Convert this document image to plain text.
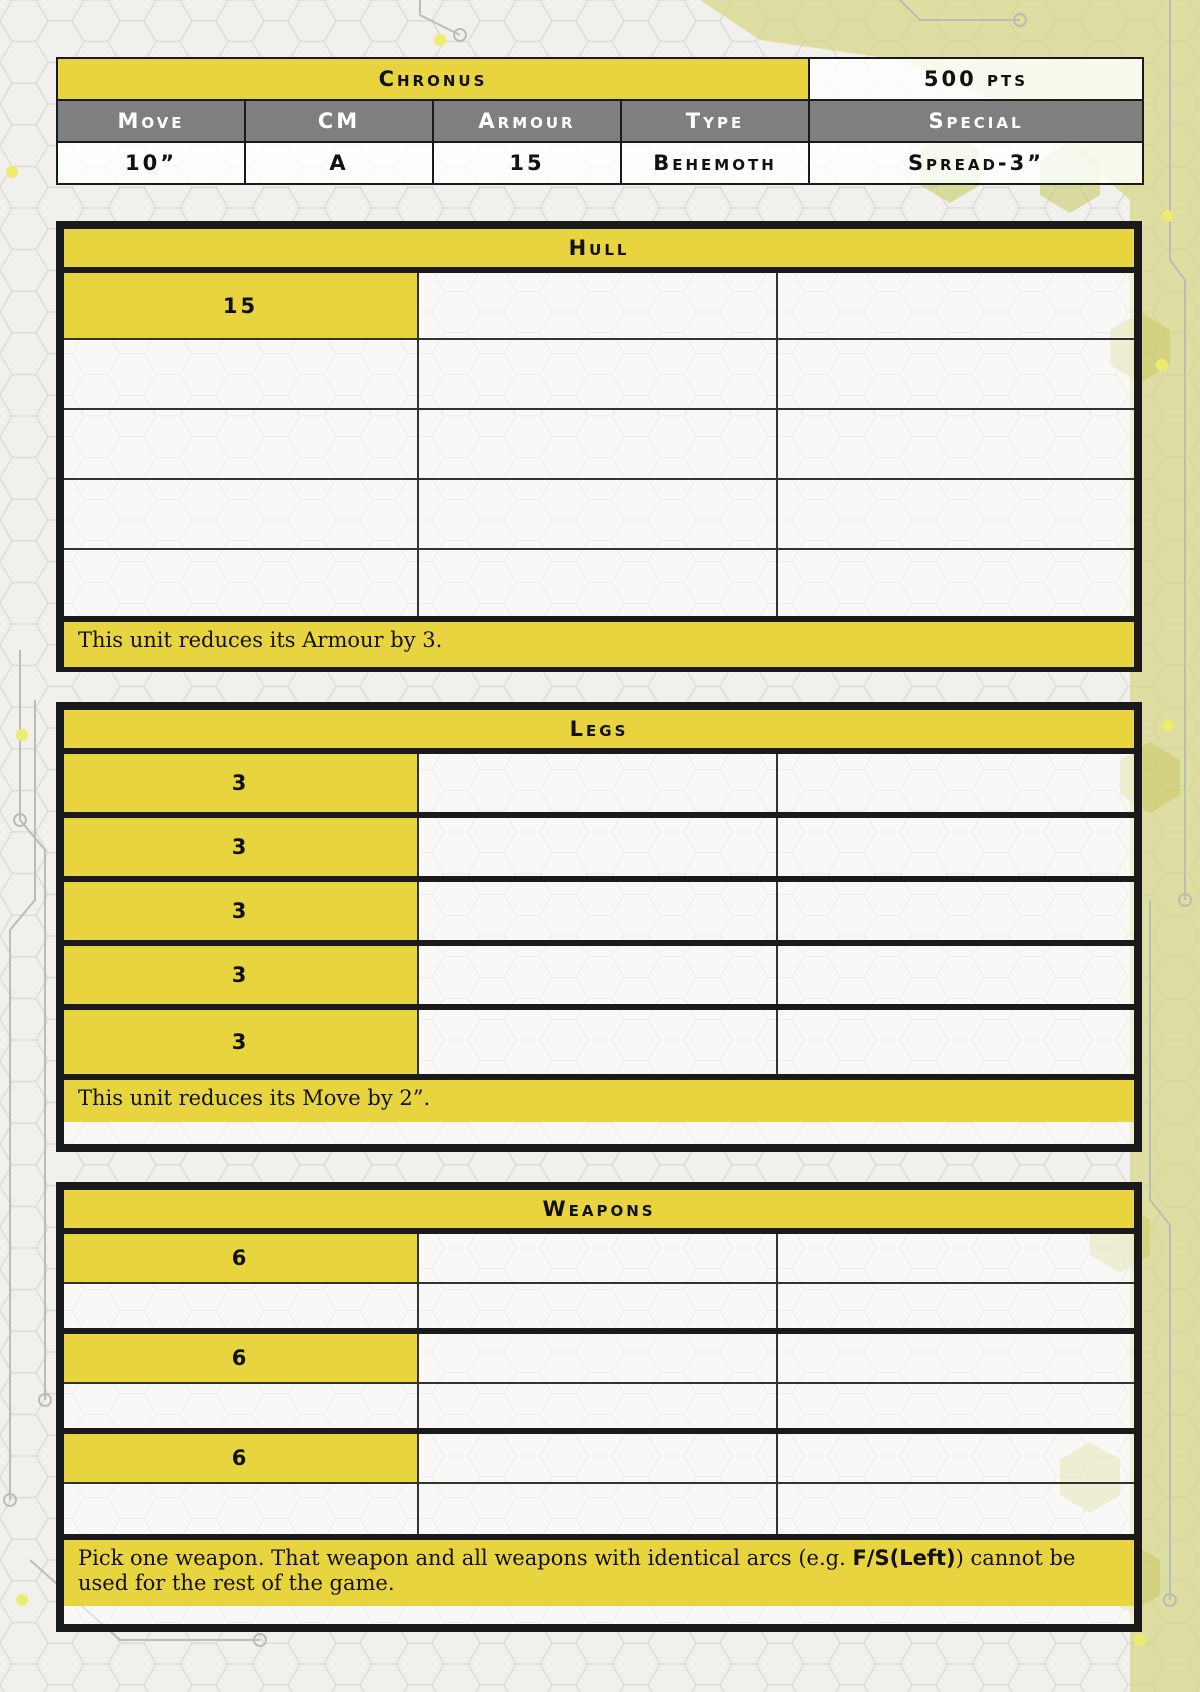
Chronus				500 pts
Move	CM	Armour	Type	Special
10”	A	15	Behemoth	Spread-3”
Hull
15
This unit reduces its Armour by 3.
Legs
3
3
3
3
3
This unit reduces its Move by 2”.
Weapons
6
6
6
Pick one weapon. That weapon and all weapons with identical arcs (e.g. F/S(Left)) cannot be used for the rest of the game.
